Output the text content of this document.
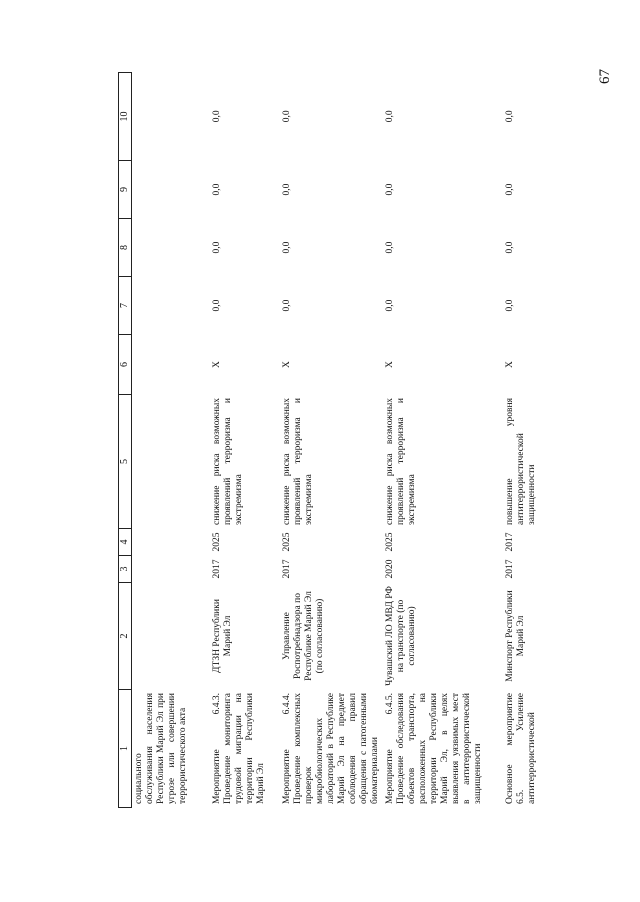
67
1	2	3	4	5	6	7	8	9	10
социального обслуживания населения Республики Марий Эл при угрозе или совершении террористического акта									
Мероприятие 6.4.3. Проведение мониторинга трудовой миграции на территории Республики Марий Эл	ДТЗН Республики Марий Эл	2017	2025	снижение риска возможных проявлений терроризма и экстремизма	Х	0,0	0,0	0,0	0,0
Мероприятие 6.4.4. Проведение комплексных проверок микробиологических лабораторий в Республике Марий Эл на предмет соблюдения правил обращения с патогенными биоматериалами	Управление Роспотребнадзора по Республике Марий Эл (по согласованию)	2017	2025	снижение риска возможных проявлений терроризма и экстремизма	Х	0,0	0,0	0,0	0,0
Мероприятие 6.4.5. Проведение обследования объектов транспорта, расположенных на территории Республики Марий Эл, в целях выявления уязвимых мест в антитеррористической защищенности	Чувашский ЛО МВД РФ на транспорте (по согласованию)	2020	2025	снижение риска возможных проявлений терроризма и экстремизма	Х	0,0	0,0	0,0	0,0
Основное мероприятие 6.5. Усиление антитеррористической	Минспорт Республики Марий Эл	2017	2017	повышение уровня антитеррористической защищенности	Х	0,0	0,0	0,0	0,0
